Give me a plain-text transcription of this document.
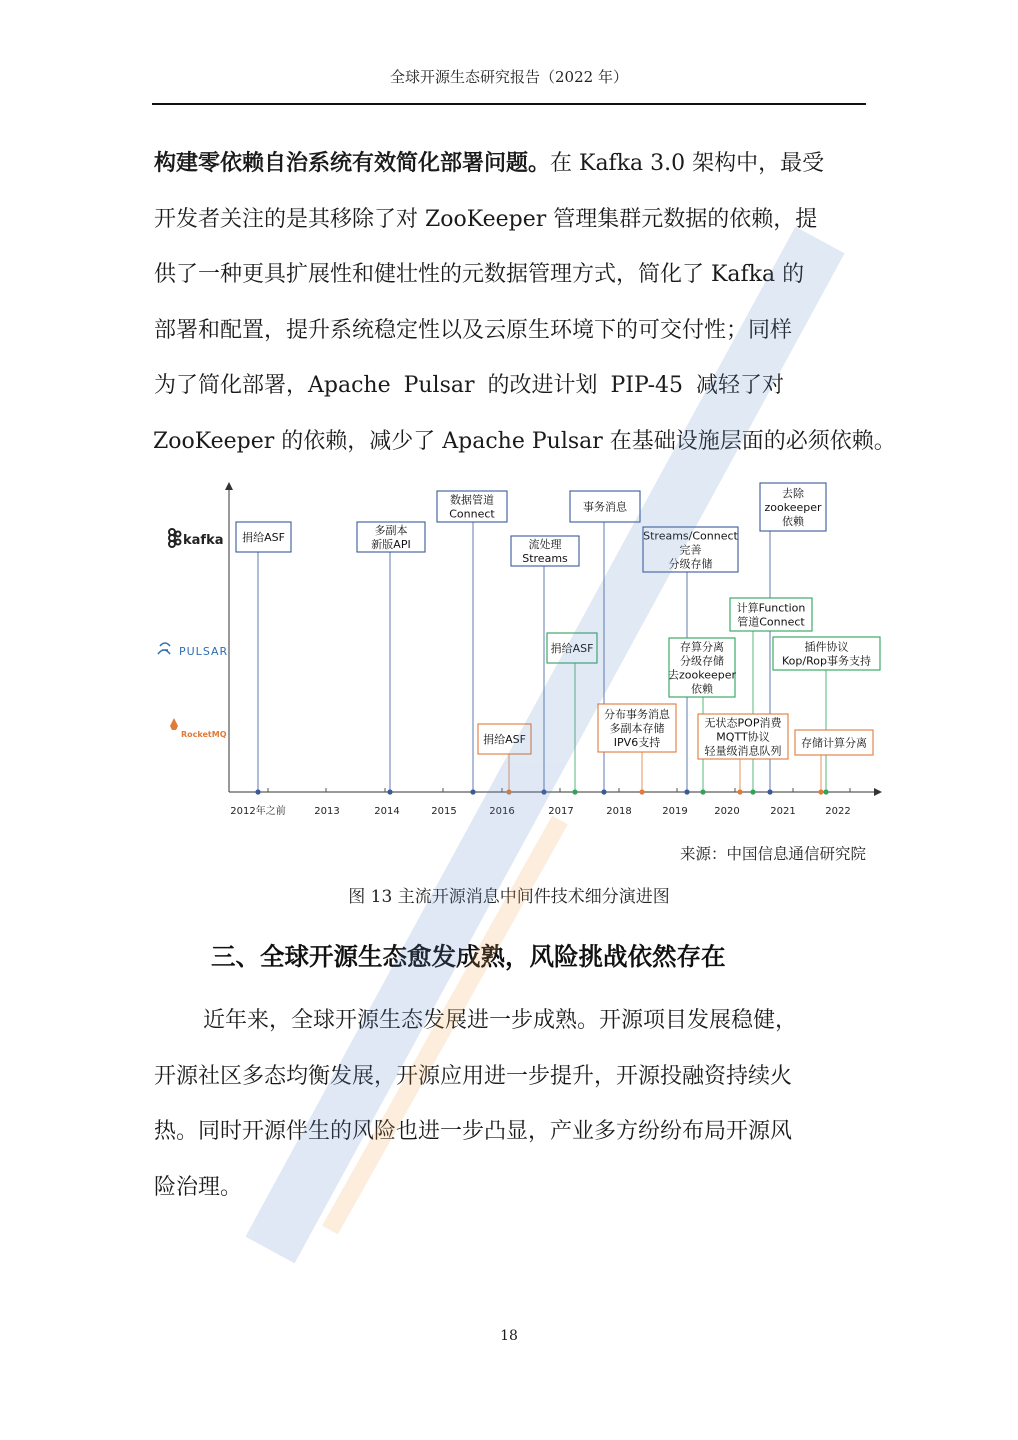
全球开源生态研究报告（2022 年）
构建零依赖自治系统有效简化部署问题。在 Kafka 3.0 架构中，最受
开发者关注的是其移除了对 ZooKeeper 管理集群元数据的依赖，提
供了一种更具扩展性和健壮性的元数据管理方式，简化了 Kafka 的
部署和配置，提升系统稳定性以及云原生环境下的可交付性；同样
为了简化部署，Apache Pulsar 的改进计划 PIP-45 减轻了对
ZooKeeper 的依赖，减少了 Apache Pulsar 在基础设施层面的必须依赖。
kafka
PULSAR
RocketMQ
2012年之前	2013	2014	2015	2016	2017	2018	2019	2020	2021	2022
捐给ASF
多副本
新版API
数据管道
Connect
流处理
Streams
事务消息
Streams/Connect
完善
分级存储
去除
zookeeper
依赖
捐给ASF	存算分离
分级存储
去zookeeper
依赖
计算Function
管道Connect
插件协议
Kop/Rop事务支持
捐给ASF
分布事务消息
多副本存储
IPV6支持
无状态POP消费
MQTT协议
轻量级消息队列
存储计算分离
来源：中国信息通信研究院
图 13 主流开源消息中间件技术细分演进图
三、全球开源生态愈发成熟，风险挑战依然存在
近年来，全球开源生态发展进一步成熟。开源项目发展稳健，
开源社区多态均衡发展，开源应用进一步提升，开源投融资持续火
热。同时开源伴生的风险也进一步凸显，产业多方纷纷布局开源风
险治理。
18
